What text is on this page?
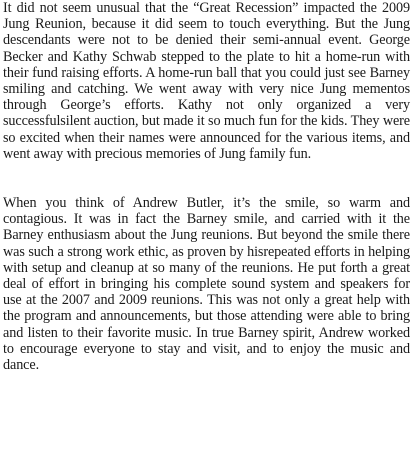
It did not seem unusual that the “Great Recession” impacted the 2009 Jung Reunion, because it did seem to touch everything. But the Jung descendants were not to be denied their semi-annual event. George Becker and Kathy Schwab stepped to the plate to hit a home-run with their fund raising efforts. A home-run ball that you could just see Barney smiling and catching. We went away with very nice Jung mementos through George’s efforts. Kathy not only organized a very successfulsilent auction, but made it so much fun for the kids. They were so excited when their names were announced for the various items, and went away with precious memories of Jung family fun.

When you think of Andrew Butler, it’s the smile, so warm and contagious. It was in fact the Barney smile, and carried with it the Barney enthusiasm about the Jung reunions. But beyond the smile there was such a strong work ethic, as proven by hisrepeated efforts in helping with setup and cleanup at so many of the reunions. He put forth a great deal of effort in bringing his complete sound system and speakers for use at the 2007 and 2009 reunions. This was not only a great help with the program and announcements, but those attending were able to bring and listen to their favorite music. In true Barney spirit, Andrew worked to encourage everyone to stay and visit, and to enjoy the music and dance.
